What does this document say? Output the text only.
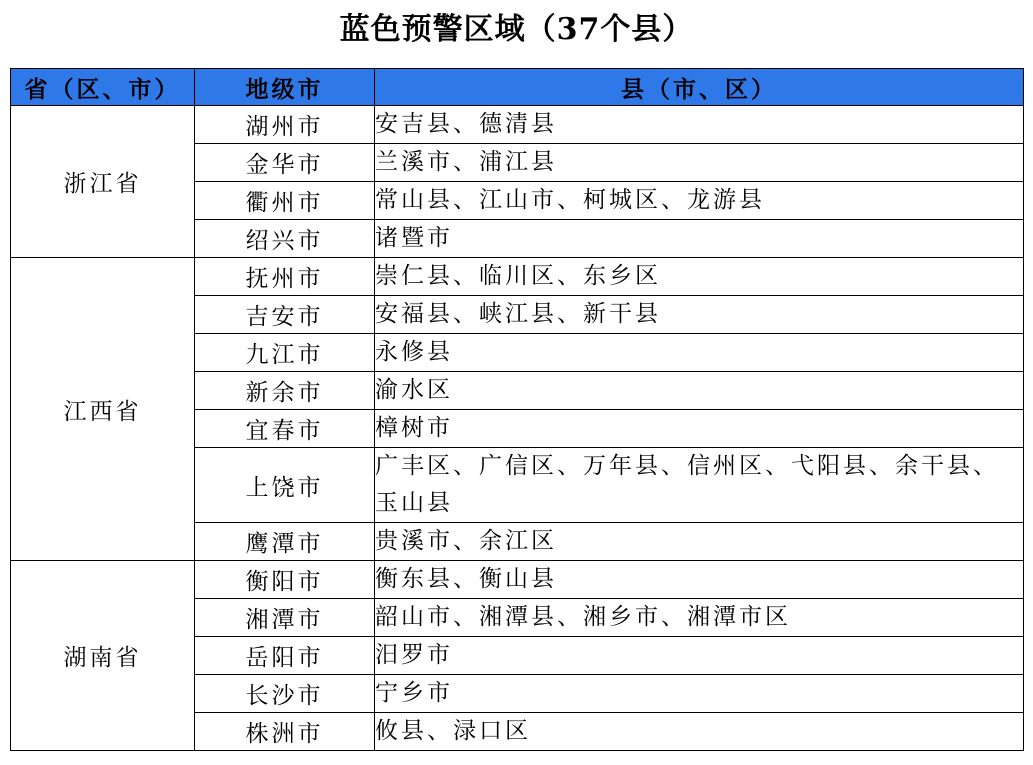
蓝色预警区域（37个县）
省（区、市）	地级市	县（市、区）
浙江省	湖州市	安吉县、德清县
	金华市	兰溪市、浦江县
	衢州市	常山县、江山市、柯城区、龙游县
	绍兴市	诸暨市
江西省	抚州市	崇仁县、临川区、东乡区
	吉安市	安福县、峡江县、新干县
	九江市	永修县
	新余市	渝水区
	宜春市	樟树市
	上饶市	广丰区、广信区、万年县、信州区、弋阳县、余干县、玉山县
	鹰潭市	贵溪市、余江区
湖南省	衡阳市	衡东县、衡山县
	湘潭市	韶山市、湘潭县、湘乡市、湘潭市区
	岳阳市	汨罗市
	长沙市	宁乡市
	株洲市	攸县、渌口区
